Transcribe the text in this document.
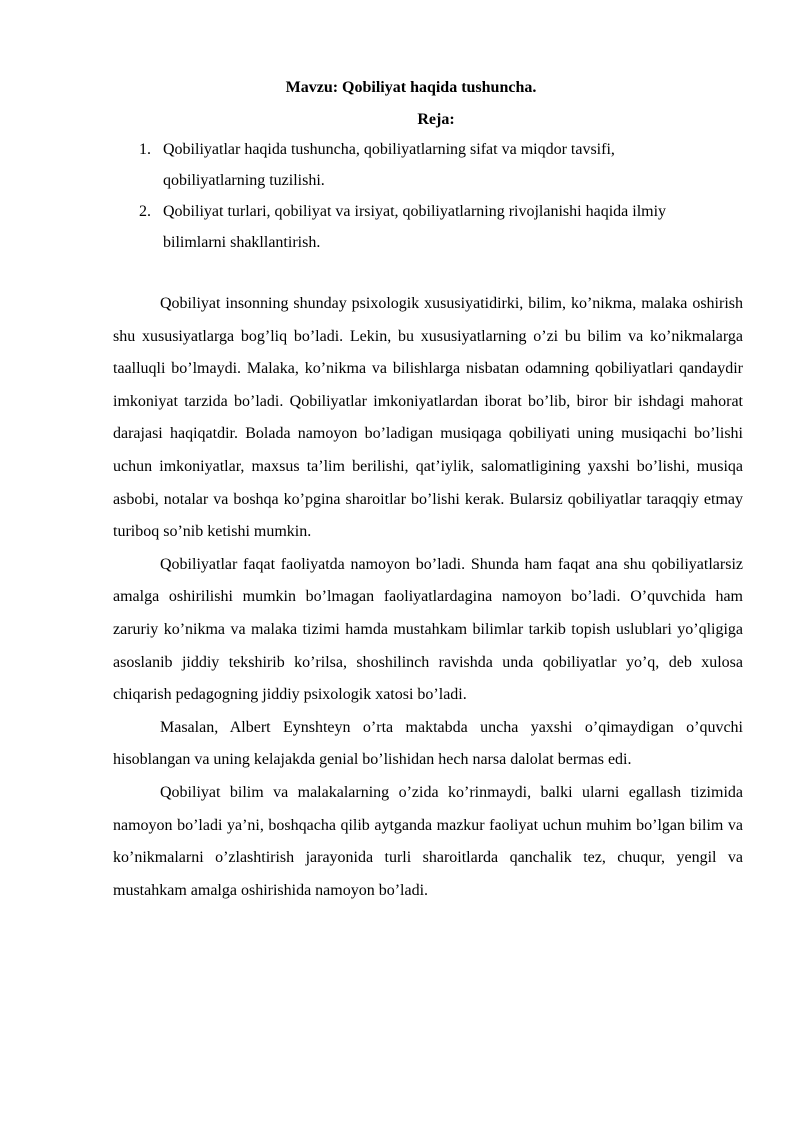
Mavzu: Qobiliyat haqida tushuncha.
Reja:
1. Qobiliyatlar haqida tushuncha, qobiliyatlarning sifat va miqdor tavsifi, qobiliyatlarning tuzilishi.
2. Qobiliyat turlari, qobiliyat va irsiyat, qobiliyatlarning rivojlanishi haqida ilmiy bilimlarni shakllantirish.

Qobiliyat insonning shunday psixologik xususiyatidirki, bilim, ko’nikma, malaka oshirish shu xususiyatlarga bog’liq bo’ladi. Lekin, bu xususiyatlarning o’zi bu bilim va ko’nikmalarga taalluqli bo’lmaydi. Malaka, ko’nikma va bilishlarga nisbatan odamning qobiliyatlari qandaydir imkoniyat tarzida bo’ladi. Qobiliyatlar imkoniyatlardan iborat bo’lib, biror bir ishdagi mahorat darajasi haqiqatdir. Bolada namoyon bo’ladigan musiqaga qobiliyati uning musiqachi bo’lishi uchun imkoniyatlar, maxsus ta’lim berilishi, qat’iylik, salomatligining yaxshi bo’lishi, musiqa asbobi, notalar va boshqa ko’pgina sharoitlar bo’lishi kerak. Bularsiz qobiliyatlar taraqqiy etmay turiboq so’nib ketishi mumkin.

Qobiliyatlar faqat faoliyatda namoyon bo’ladi. Shunda ham faqat ana shu qobiliyatlarsiz amalga oshirilishi mumkin bo’lmagan faoliyatlardagina namoyon bo’ladi. O’quvchida ham zaruriy ko’nikma va malaka tizimi hamda mustahkam bilimlar tarkib topish uslublari yo’qligiga asoslanib jiddiy tekshirib ko’rilsa, shoshilinch ravishda unda qobiliyatlar yo’q, deb xulosa chiqarish pedagogning jiddiy psixologik xatosi bo’ladi.

Masalan, Albert Eynshteyn o’rta maktabda uncha yaxshi o’qimaydigan o’quvchi hisoblangan va uning kelajakda genial bo’lishidan hech narsa dalolat bermas edi.

Qobiliyat bilim va malakalarning o’zida ko’rinmaydi, balki ularni egallash tizimida namoyon bo’ladi ya’ni, boshqacha qilib aytganda mazkur faoliyat uchun muhim bo’lgan bilim va ko’nikmalarni o’zlashtirish jarayonida turli sharoitlarda qanchalik tez, chuqur, yengil va mustahkam amalga oshirishida namoyon bo’ladi.
